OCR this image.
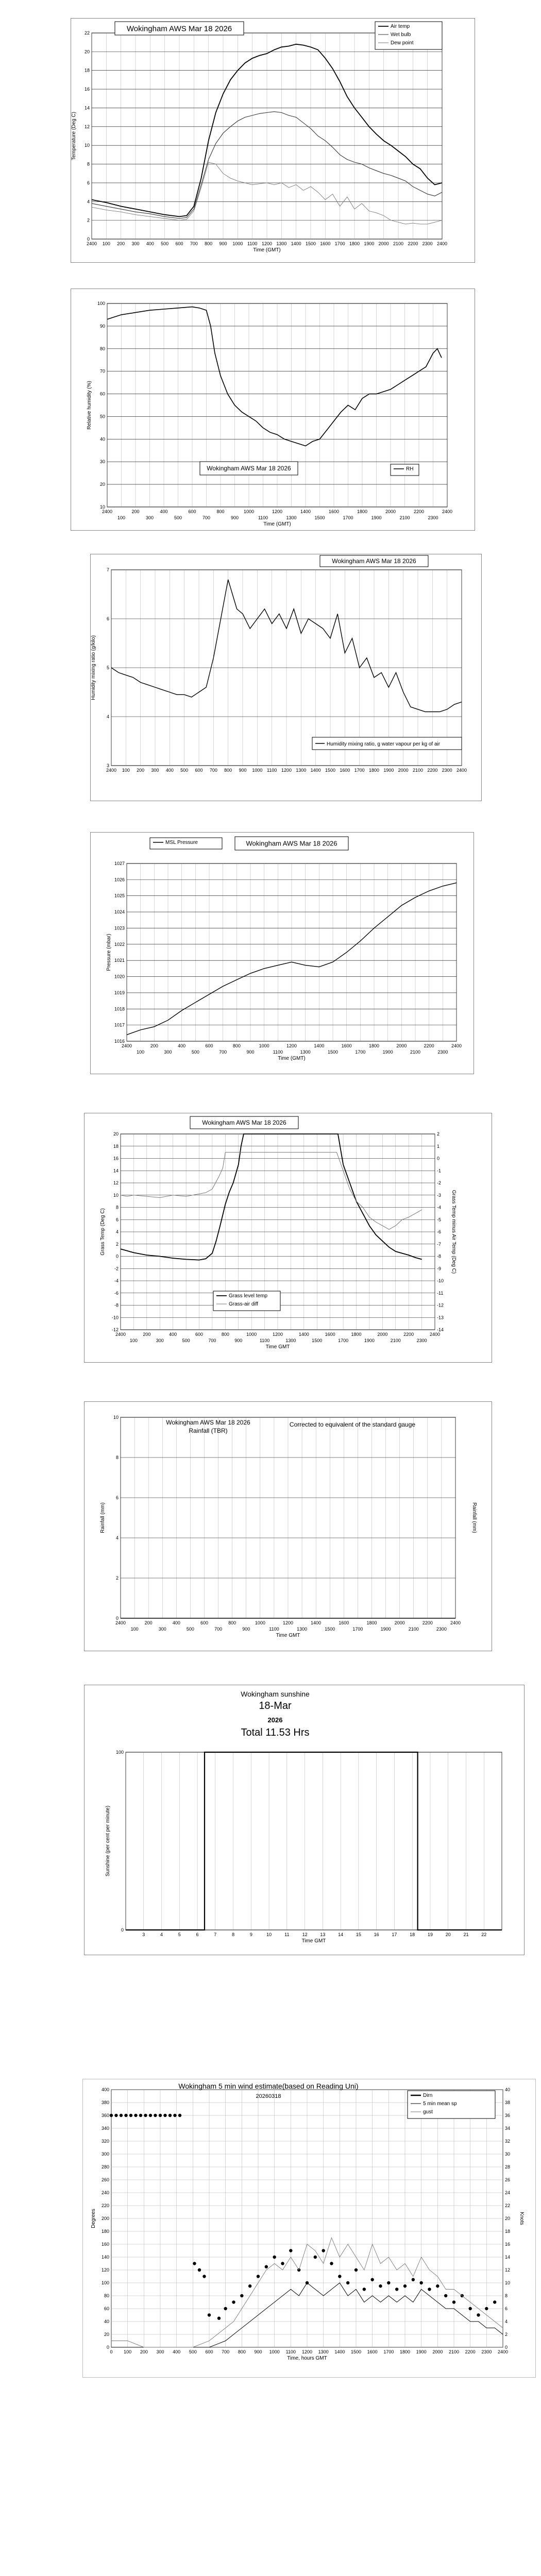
0
2
4
6
8
10
12
14
16
18
20
22
2400 100 200 300 400 500 600 700 800 900 1000 1100 1200 1300 1400 1500 1600 1700 1800 1900 2000 2100 2200 2300 2400
Time (GMT)
Temperature (Deg C)
Wokingham AWS Mar 18 2026	Air temp
Wet bulb
Dew point
10
20
30
40
50
60
70
80
90
100
2400	200	400	600	800	1000	1200	1400	1600	1800	2000	2200	2400
100	300	500	700	900	1100	1300	1500	1700	1900	2100	2300
Time (GMT)
Relative humidity (%)
Wokingham AWS Mar 18 2026	RH
3
4
5
6
7
2400 100 200 300 400 500 600 700 800 900 1000 1100 1200 1300 1400 1500 1600 1700 1800 1900 2000 2100 2200 2300 2400
Humidity mixing ratio (g/kilo)
Wokingham AWS Mar 18 2026
Humidity mixing ratio, g water vapour per kg of air
1016
1017
1018
1019
1020
1021
1022
1023
1024
1025
1026
1027
2400	200	400	600	800	1000	1200	1400	1600	1800	2000	2200	2400
100	300	500	700	900	1100	1300	1500	1700	1900	2100	2300
Time (GMT)
Pressure (mbar)
Wokingham AWS Mar 18 2026
MSL Pressure
-12
-10
-8
-6
-4
-2
0
2
4
6
8
10
12
14
16
18
20
-14
-13
-12
-11
-10
-9
-8
-7
-6
-5
-4
-3
-2
-1
0
1
2
2400	200	400	600	800	1000	1200	1400	1600	1800	2000	2200	2400
100	300	500	700	900	1100	1300	1500	1700	1900	2100	2300
Time GMT
Grass Temp (Deg C)	Grass Temp minus Air Temp (Deg C)
Wokingham AWS Mar 18 2026
Grass level temp
Grass-air diff
0
2
4
6
8
10
2400	200	400	600	800	1000	1200	1400	1600	1800	2000	2200	2400
100	300	500	700	900	1100	1300	1500	1700	1900	2100	2300
Time GMT
Rainfall (mm)	Rainfall (mm)
Wokingham AWS Mar 18 2026
Rainfall (TBR)
Corrected to equivalent of the standard gauge
0
100
3	4	5	6	7	8	9	10	11	12	13	14	15	16	17	18	19	20	21	22
Time GMT
Sunshine (per cent per minute)
Wokingham sunshine
18-Mar
2026
Total 11.53 Hrs
0
20
40
60
80
100
120
140
160
180
200
220
240
260
280
300
320
340
360
380
400
0
2
4
6
8
10
12
14
16
18
20
22
24
26
28
30
32
34
36
38
40
0 100 200 300 400 500 600 700 800 900 1000 1100 1200 1300 1400 1500 1600 1700 1800 1900 2000 2100 2200 2300 2400
Time, hours GMT
Degrees	Knots
Wokingham 5 min wind estimate(based on Reading Uni)
20260318	Dirn
5 min mean sp
gust
